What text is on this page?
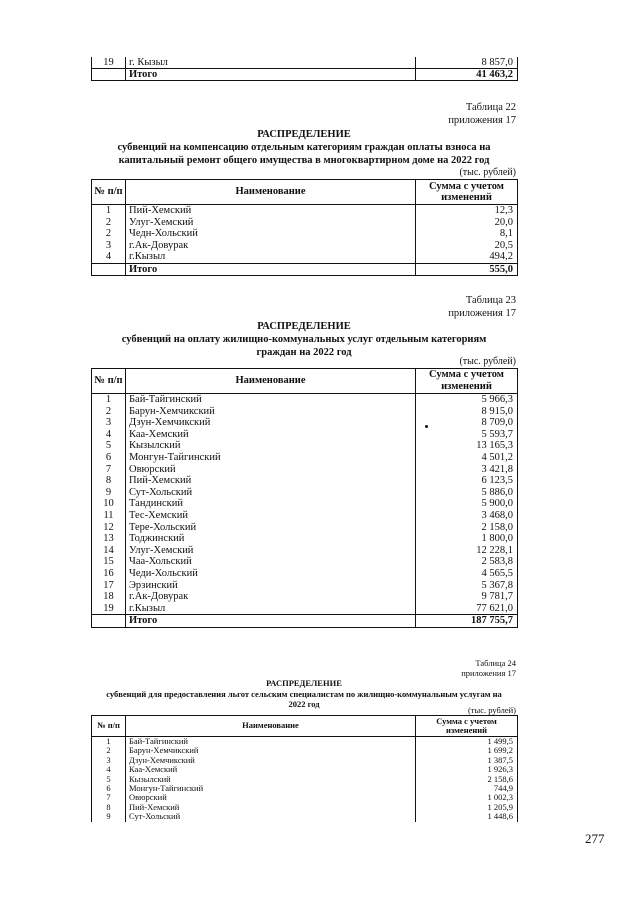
19	г. Кызыл	8 857,0
	Итого	41 463,2
Таблица 22
приложения 17
РАСПРЕДЕЛЕНИЕ
субвенций на компенсацию отдельным категориям граждан оплаты взноса на
капитальный ремонт общего имущества в многоквартирном доме на 2022 год
(тыс. рублей)
№ п/п	Наименование	Сумма с учетом изменений
1	Пий-Хемский	12,3
2	Улуг-Хемский	20,0
2	Чедн-Хольский	8,1
3	г.Ак-Довурак	20,5
4	г.Кызыл	494,2
	Итого	555,0
Таблица 23
приложения 17
РАСПРЕДЕЛЕНИЕ
субвенций на оплату жилищно-коммунальных услуг отдельным категориям
граждан на 2022 год
(тыс. рублей)
№ п/п	Наименование	Сумма с учетом изменений
1	Бай-Тайгинский	5 966,3
2	Барун-Хемчикский	8 915,0
3	Дзун-Хемчикский	8 709,0
4	Каа-Хемский	5 593,7
5	Кызылский	13 165,3
6	Монгун-Тайгинский	4 501,2
7	Овюрский	3 421,8
8	Пий-Хемский	6 123,5
9	Сут-Хольский	5 886,0
10	Тандинский	5 900,0
11	Тес-Хемский	3 468,0
12	Тере-Хольский	2 158,0
13	Тоджинский	1 800,0
14	Улуг-Хемский	12 228,1
15	Чаа-Хольский	2 583,8
16	Чеди-Хольский	4 565,5
17	Эрзинский	5 367,8
18	г.Ак-Довурак	9 781,7
19	г.Кызыл	77 621,0
	Итого	187 755,7
Таблица 24
приложения 17
РАСПРЕДЕЛЕНИЕ
субвенций для предоставления льгот сельским специалистам по жилищно-коммунальным услугам на
2022 год
(тыс. рублей)
№ п/п	Наименование	Сумма с учетом изменений
1	Бай-Тайгинский	1 499,5
2	Барун-Хемчикский	1 699,2
3	Дзун-Хемчикский	1 387,5
4	Каа-Хемский	1 926,3
5	Кызылский	2 158,6
6	Монгун-Тайгинский	744,9
7	Овюрский	1 002,3
8	Пий-Хемский	1 205,9
9	Сут-Хольский	1 448,6
277
